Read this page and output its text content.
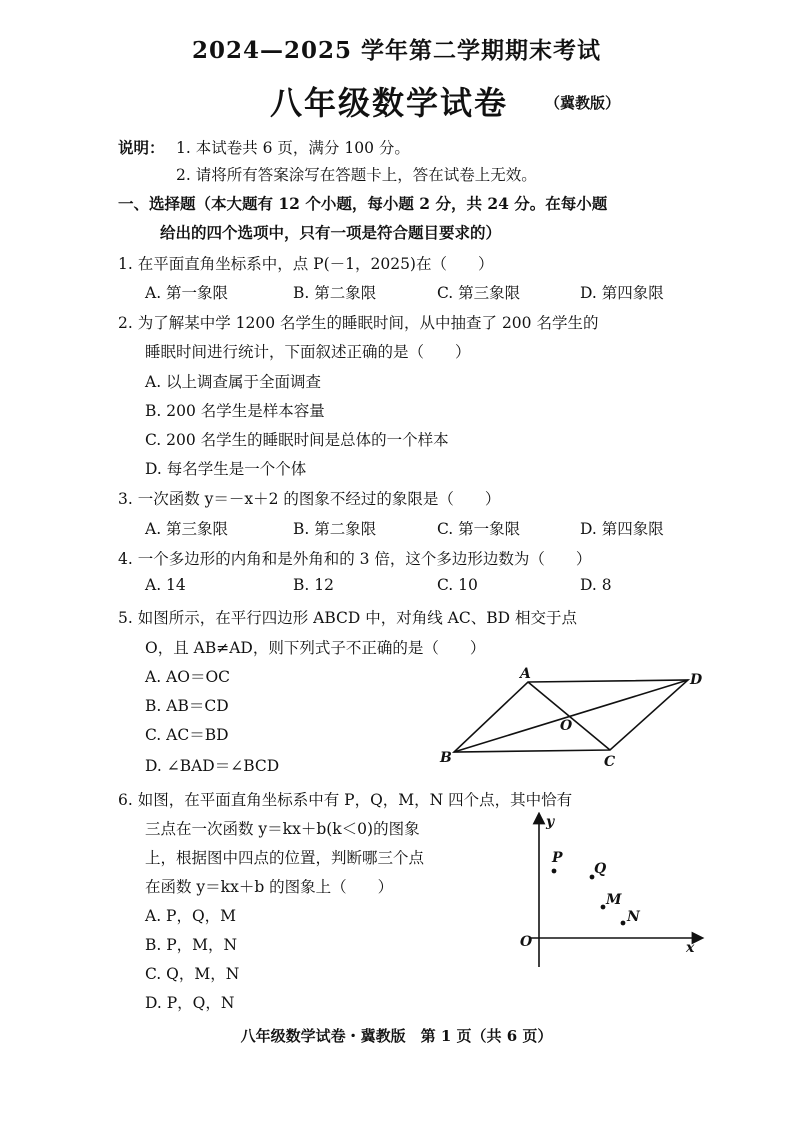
2024—2025 学年第二学期期末考试
八年级数学试卷 （冀教版）
说明： 1. 本试卷共 6 页，满分 100 分。
2. 请将所有答案涂写在答题卡上，答在试卷上无效。
一、选择题（本大题有 12 个小题，每小题 2 分，共 24 分。在每小题
给出的四个选项中，只有一项是符合题目要求的）
1. 在平面直角坐标系中，点 P(－1，2025)在（　　）
A. 第一象限	B. 第二象限	C. 第三象限	D. 第四象限
2. 为了解某中学 1200 名学生的睡眠时间，从中抽查了 200 名学生的
睡眠时间进行统计，下面叙述正确的是（　　）
A. 以上调查属于全面调查
B. 200 名学生是样本容量
C. 200 名学生的睡眠时间是总体的一个样本
D. 每名学生是一个个体
3. 一次函数 y＝－x＋2 的图象不经过的象限是（　　）
A. 第三象限	B. 第二象限	C. 第一象限	D. 第四象限
4. 一个多边形的内角和是外角和的 3 倍，这个多边形边数为（　　）
A. 14	B. 12	C. 10	D. 8
5. 如图所示，在平行四边形 ABCD 中，对角线 AC、BD 相交于点
O，且 AB≠AD，则下列式子不正确的是（　　）
A. AO＝OC
B. AB＝CD
C. AC＝BD
D. ∠BAD＝∠BCD
A	D
B	C
O
6. 如图，在平面直角坐标系中有 P，Q，M，N 四个点，其中恰有
三点在一次函数 y＝kx＋b(k＜0)的图象
上，根据图中四点的位置，判断哪三个点
在函数 y＝kx＋b 的图象上（　　）
A. P，Q，M
B. P，M，N
C. Q，M，N
D. P，Q，N
y
x
O
P
Q
M
N
八年级数学试卷・冀教版　第 1 页（共 6 页）
